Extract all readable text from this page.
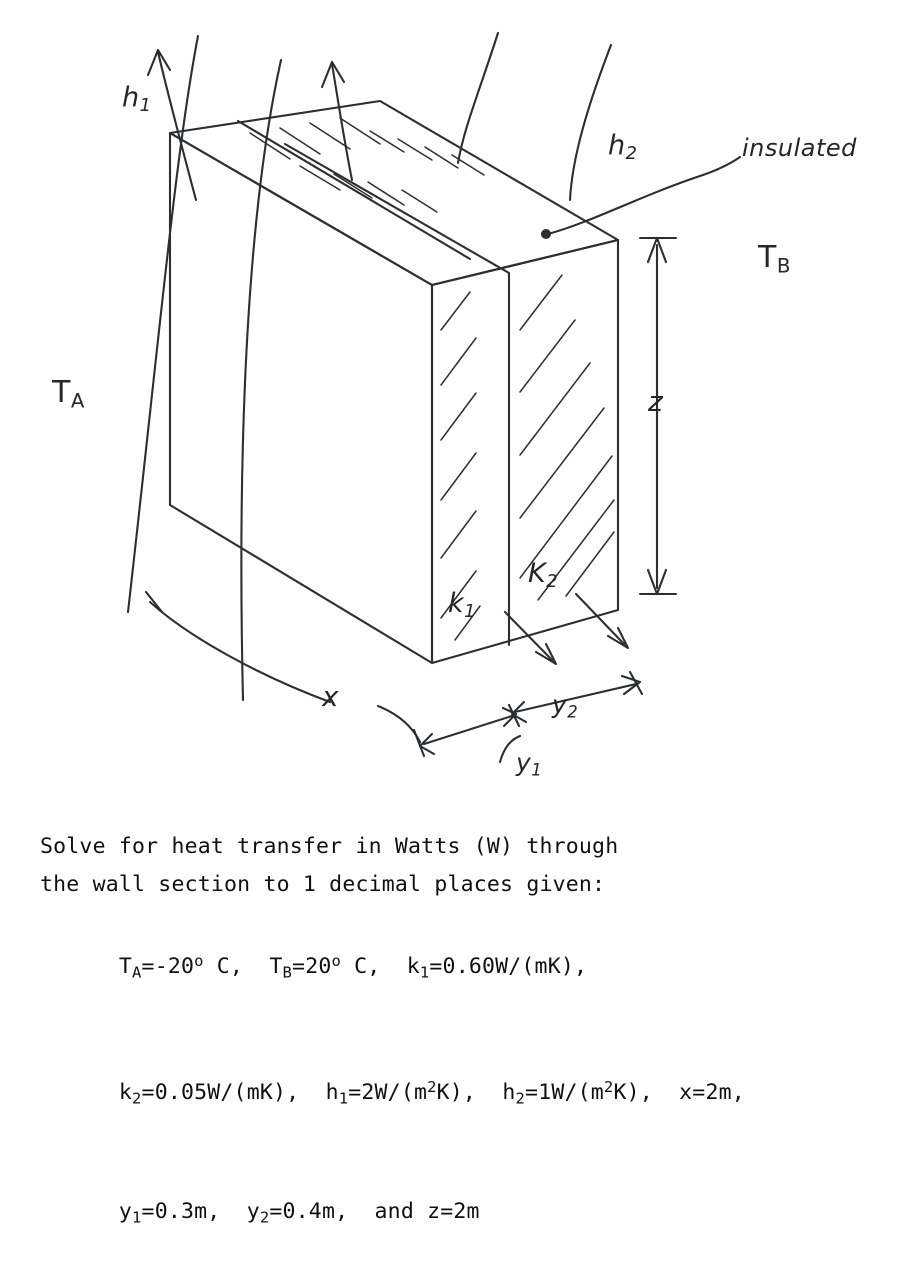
$h_1$
$h_2$	insulated
$T_A$
$T_B$
z
x
$y_1$
$y_2$
$k_1$
$K_2$
Solve for heat transfer in Watts (W) through
the wall section to 1 decimal places given:

$T_A=-20^o$ C,  $T_B=20^o$ C,  $k_1=0.60W/(mK)$,

$k_2=0.05W/(mK)$,  $h_1=2W/(m^2K)$,  $h_2=1W/(m^2K)$,  x=2m,

$y_1=0.3m$,  $y_2=0.4m$,  and z=2m
